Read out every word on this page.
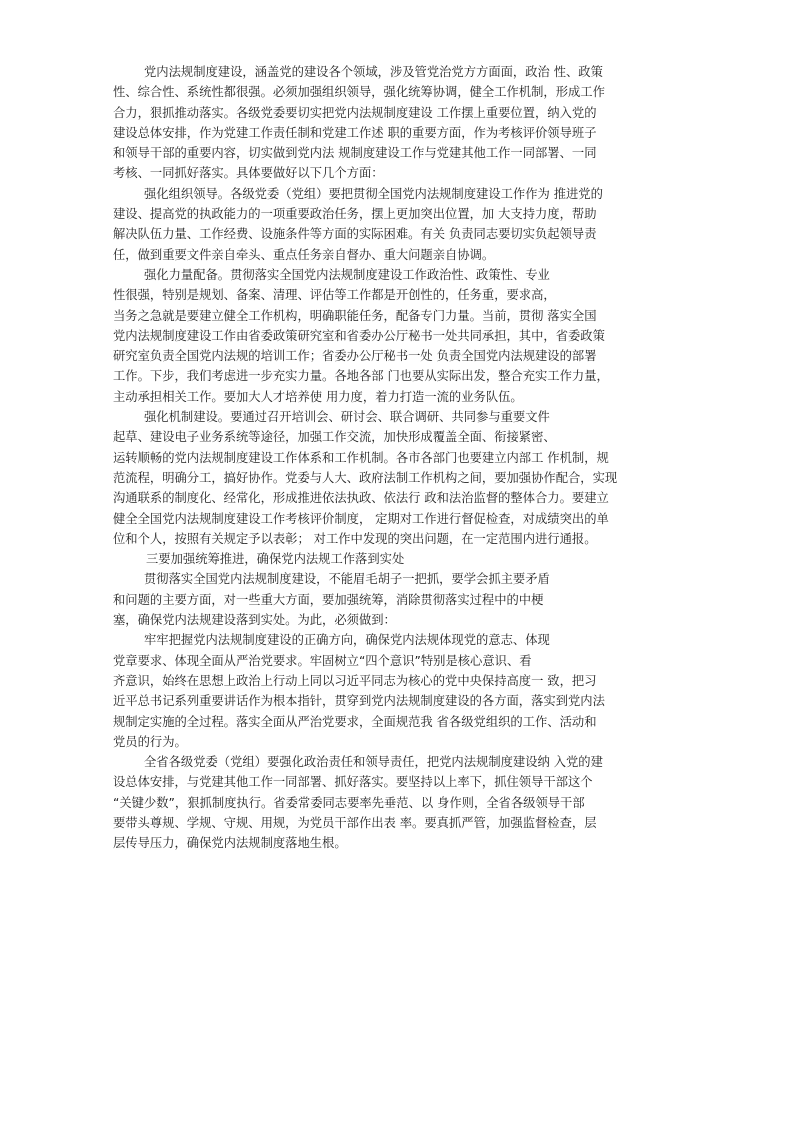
党内法规制度建设，涵盖党的建设各个领域，涉及管党治党方方面面，政治 性、政策
性、综合性、系统性都很强。必须加强组织领导，强化统筹协调，健全工作机制，形成工作
合力，狠抓推动落实。各级党委要切实把党内法规制度建设 工作摆上重要位置，纳入党的
建设总体安排，作为党建工作责任制和党建工作述 职的重要方面，作为考核评价领导班子
和领导干部的重要内容，切实做到党内法 规制度建设工作与党建其他工作一同部署、一同
考核、一同抓好落实。具体要做好以下几个方面：
强化组织领导。各级党委（党组）要把贯彻全国党内法规制度建设工作作为 推进党的
建设、提高党的执政能力的一项重要政治任务，摆上更加突出位置，加 大支持力度，帮助
解决队伍力量、工作经费、设施条件等方面的实际困难。有关 负责同志要切实负起领导责
任，做到重要文件亲自牵头、重点任务亲自督办、重大问题亲自协调。
强化力量配备。贯彻落实全国党内法规制度建设工作政治性、政策性、专业
性很强，特别是规划、备案、清理、评估等工作都是开创性的，任务重，要求高，
当务之急就是要建立健全工作机构，明确职能任务，配备专门力量。当前，贯彻 落实全国
党内法规制度建设工作由省委政策研究室和省委办公厅秘书一处共同承担，其中，省委政策
研究室负责全国党内法规的培训工作；省委办公厅秘书一处 负责全国党内法规建设的部署
工作。下步，我们考虑进一步充实力量。各地各部 门也要从实际出发，整合充实工作力量，
主动承担相关工作。要加大人才培养使 用力度，着力打造一流的业务队伍。
强化机制建设。要通过召开培训会、研讨会、联合调研、共同参与重要文件
起草、建设电子业务系统等途径，加强工作交流，加快形成覆盖全面、衔接紧密、
运转顺畅的党内法规制度建设工作体系和工作机制。各市各部门也要建立内部工 作机制，规
范流程，明确分工，搞好协作。党委与人大、政府法制工作机构之间，要加强协作配合，实现
沟通联系的制度化、经常化，形成推进依法执政、依法行 政和法治监督的整体合力。要建立
健全全国党内法规制度建设工作考核评价制度， 定期对工作进行督促检查，对成绩突出的单
位和个人，按照有关规定予以表彰； 对工作中发现的突出问题，在一定范围内进行通报。
三要加强统筹推进，确保党内法规工作落到实处
贯彻落实全国党内法规制度建设，不能眉毛胡子一把抓，要学会抓主要矛盾
和问题的主要方面，对一些重大方面，要加强统筹，消除贯彻落实过程中的中梗
塞，确保党内法规建设落到实处。为此，必须做到：
牢牢把握党内法规制度建设的正确方向，确保党内法规体现党的意志、体现
党章要求、体现全面从严治党要求。牢固树立“四个意识”特别是核心意识、看
齐意识，始终在思想上政治上行动上同以习近平同志为核心的党中央保持高度一 致，把习
近平总书记系列重要讲话作为根本指针，贯穿到党内法规制度建设的各方面，落实到党内法
规制定实施的全过程。落实全面从严治党要求，全面规范我 省各级党组织的工作、活动和
党员的行为。
全省各级党委（党组）要强化政治责任和领导责任，把党内法规制度建设纳 入党的建
设总体安排，与党建其他工作一同部署、抓好落实。要坚持以上率下，抓住领导干部这个
“关键少数”，狠抓制度执行。省委常委同志要率先垂范、以 身作则，全省各级领导干部
要带头尊规、学规、守规、用规，为党员干部作出表 率。要真抓严管，加强监督检查，层
层传导压力，确保党内法规制度落地生根。
